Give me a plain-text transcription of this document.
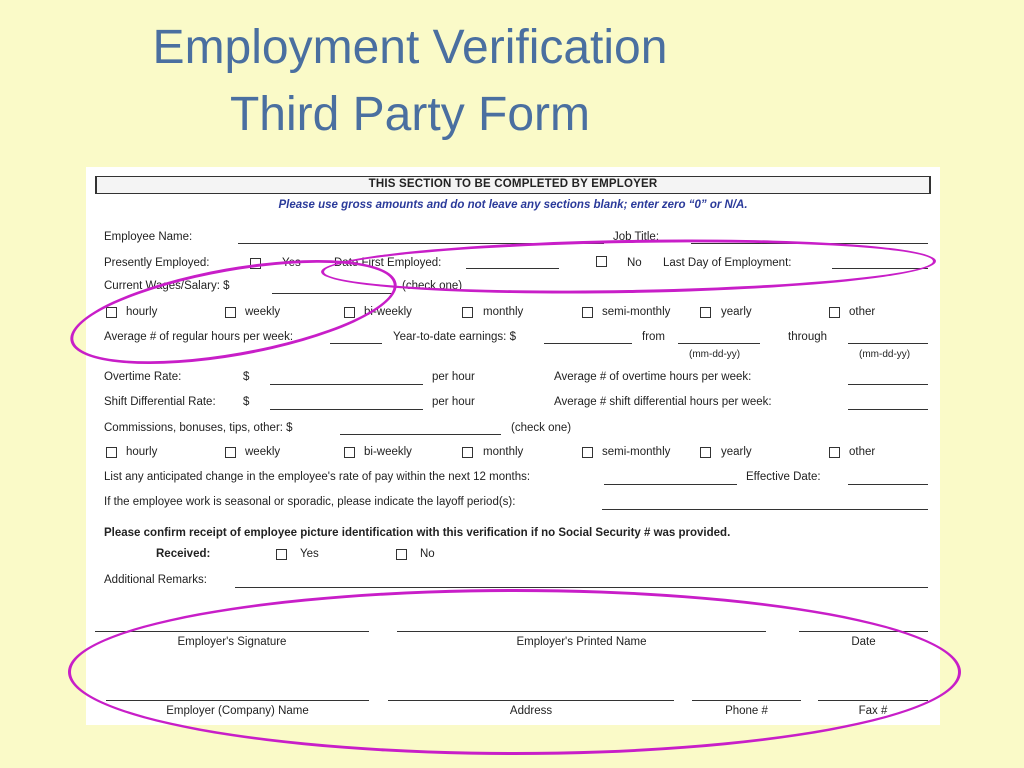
Employment Verification
Third Party Form
THIS SECTION TO BE COMPLETED BY EMPLOYER
Please use gross amounts and do not leave any sections blank; enter zero “0” or N/A.
Employee Name:	Job Title:
Presently Employed:	Yes	Date First Employed:	No Last Day of Employment:
Current Wages/Salary: $	(check one)
hourly	weekly	bi-weekly	monthly	semi-monthly	yearly	other
Average # of regular hours per week:	Year-to-date earnings: $	from	through
(mm-dd-yy)	(mm-dd-yy)
Overtime Rate:	$	per hour	Average # of overtime hours per week:
Shift Differential Rate: $	per hour	Average # shift differential hours per week:
Commissions, bonuses, tips, other: $	(check one)
hourly	weekly	bi-weekly	monthly	semi-monthly	yearly	other
List any anticipated change in the employee's rate of pay within the next 12 months:	Effective Date:
If the employee work is seasonal or sporadic, please indicate the layoff period(s):
Please confirm receipt of employee picture identification with this verification if no Social Security # was provided.
Received:	Yes	No
Additional Remarks:
Employer's Signature	Employer's Printed Name	Date
Employer (Company) Name	Address	Phone #	Fax #
